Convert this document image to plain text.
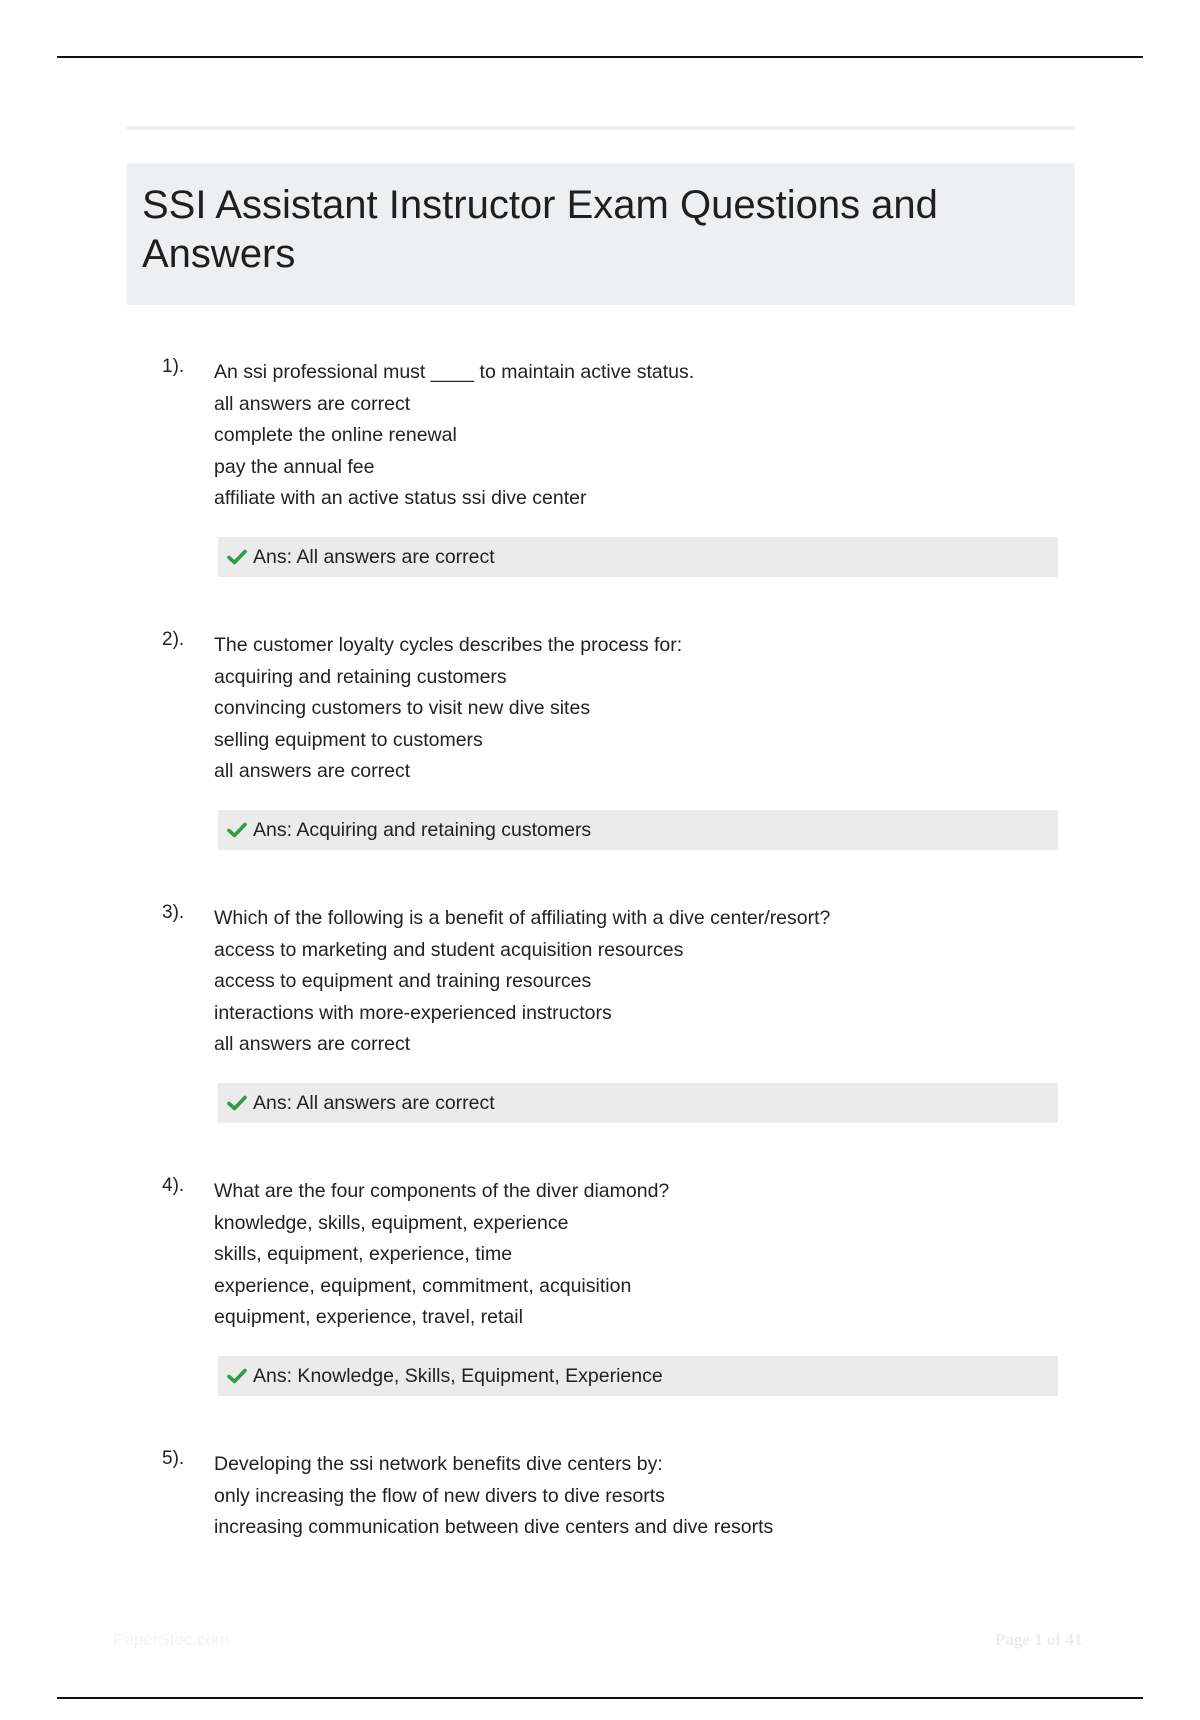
SSI Assistant Instructor Exam Questions and Answers
1). An ssi professional must ____ to maintain active status.
all answers are correct
complete the online renewal
pay the annual fee
affiliate with an active status ssi dive center
Ans: All answers are correct
2). The customer loyalty cycles describes the process for:
acquiring and retaining customers
convincing customers to visit new dive sites
selling equipment to customers
all answers are correct
Ans: Acquiring and retaining customers
3). Which of the following is a benefit of affiliating with a dive center/resort?
access to marketing and student acquisition resources
access to equipment and training resources
interactions with more-experienced instructors
all answers are correct
Ans: All answers are correct
4). What are the four components of the diver diamond?
knowledge, skills, equipment, experience
skills, equipment, experience, time
experience, equipment, commitment, acquisition
equipment, experience, travel, retail
Ans: Knowledge, Skills, Equipment, Experience
5). Developing the ssi network benefits dive centers by:
only increasing the flow of new divers to dive resorts
increasing communication between dive centers and dive resorts
PaperStoc.com	Page 1 of 41
